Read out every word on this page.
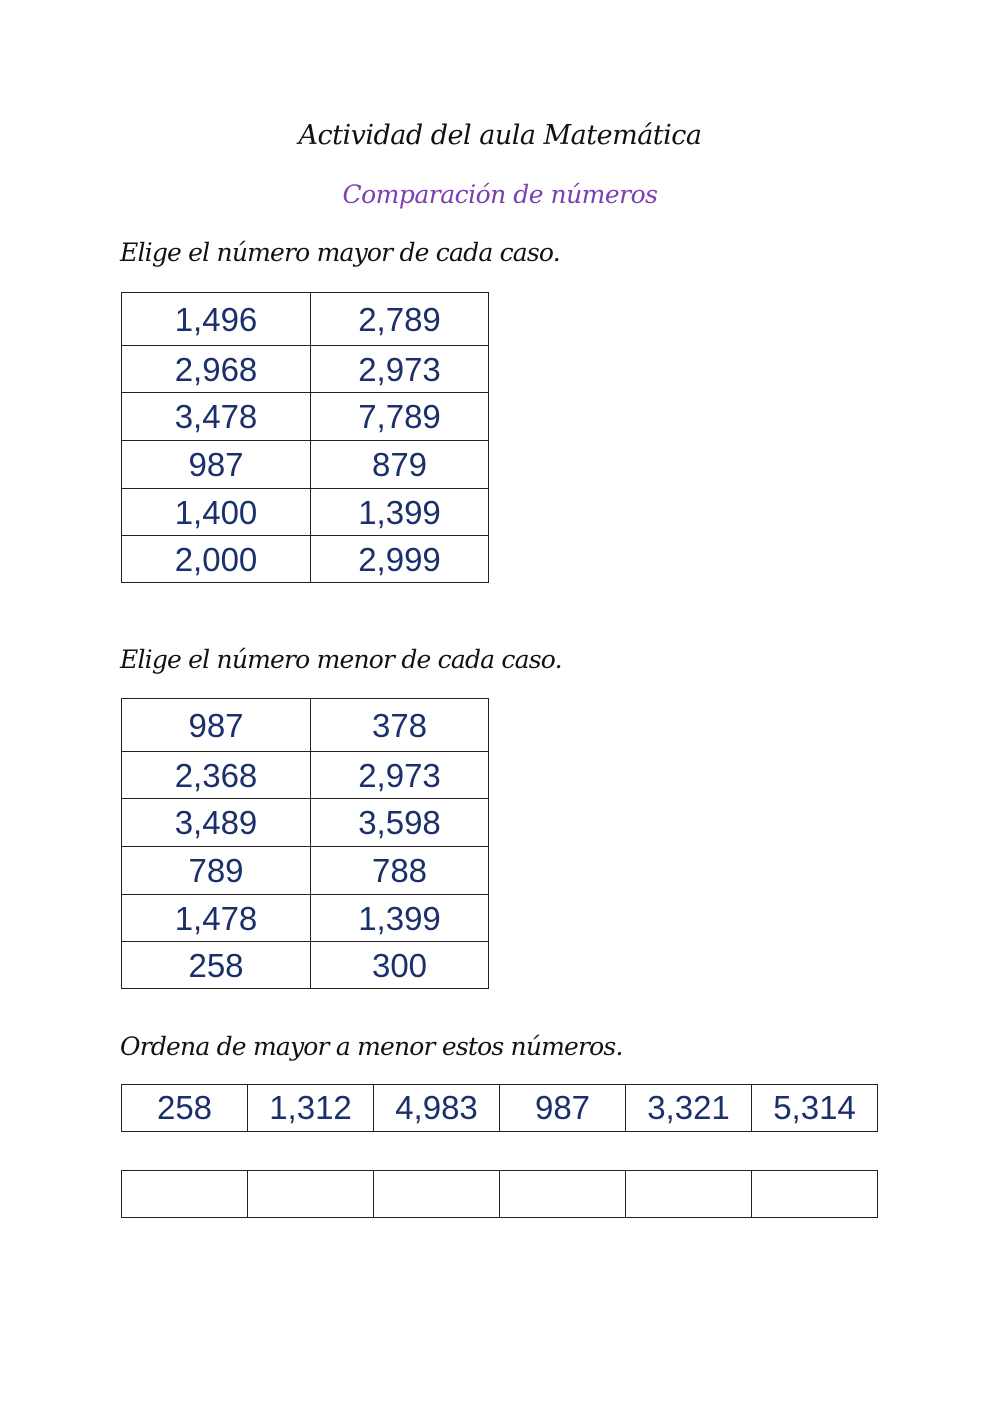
Actividad del aula Matemática
Comparación de números
Elige el número mayor de cada caso.
1,496	2,789
2,968	2,973
3,478	7,789
987	879
1,400	1,399
2,000	2,999
Elige el número menor de cada caso.
987	378
2,368	2,973
3,489	3,598
789	788
1,478	1,399
258	300
Ordena de mayor a menor estos números.
258	1,312	4,983	987	3,321	5,314
